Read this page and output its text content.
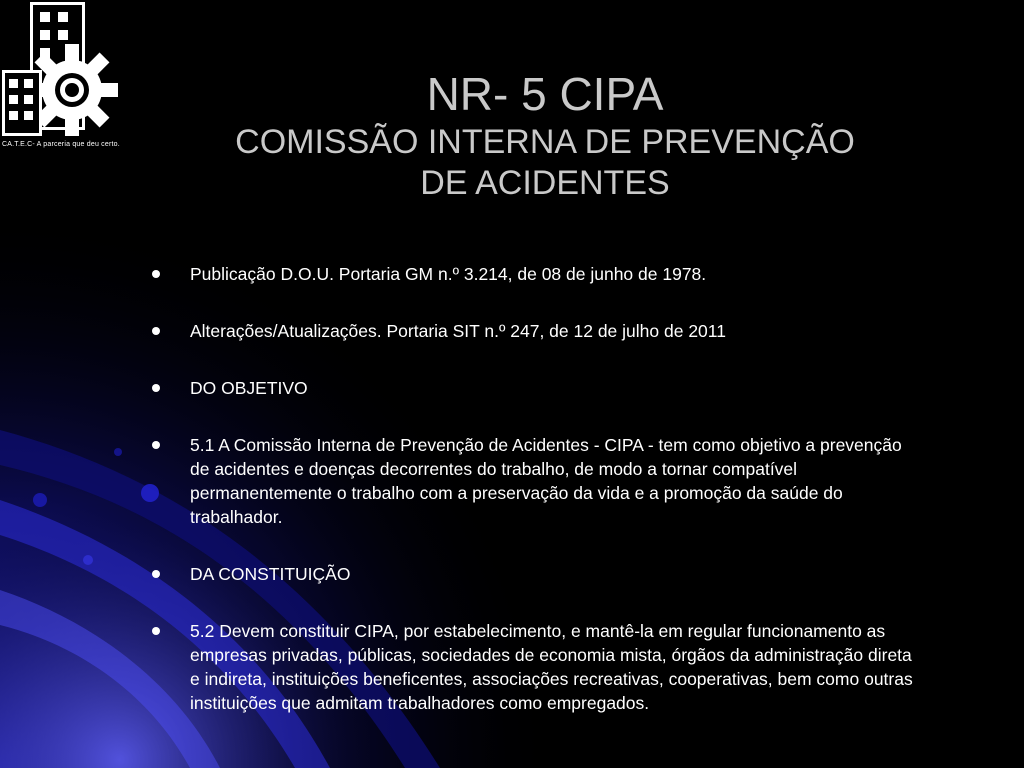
CA.T.E.C- A parceria que deu certo.
NR- 5 CIPA
COMISSÃO INTERNA DE PREVENÇÃO
DE ACIDENTES
Publicação D.O.U. Portaria GM n.º 3.214, de 08 de junho de 1978.
Alterações/Atualizações. Portaria SIT n.º 247, de 12 de julho de 2011
DO OBJETIVO
5.1 A Comissão Interna de Prevenção de Acidentes - CIPA - tem como objetivo a prevenção de acidentes e doenças decorrentes do trabalho, de modo a tornar compatível permanentemente o trabalho com a preservação da vida e a promoção da saúde do trabalhador.
DA CONSTITUIÇÃO
5.2 Devem constituir CIPA, por estabelecimento, e mantê-la em regular funcionamento as empresas privadas, públicas, sociedades de economia mista, órgãos da administração direta e indireta, instituições beneficentes, associações recreativas, cooperativas, bem como outras instituições que admitam trabalhadores como empregados.
